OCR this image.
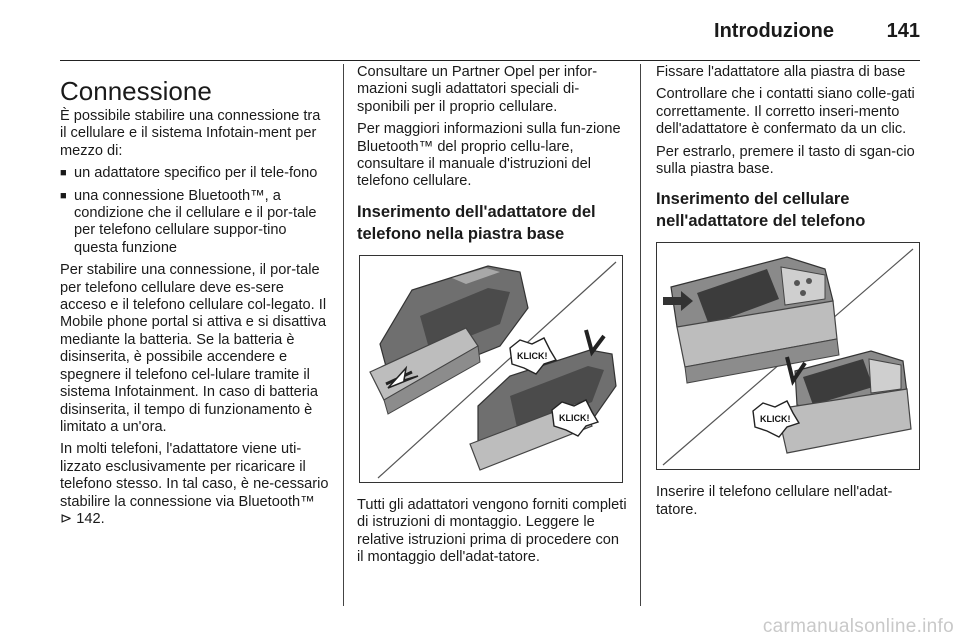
Introduzione	141
Connessione

È possibile stabilire una connessione tra il cellulare e il sistema Infotain-ment per mezzo di:

■ un adattatore specifico per il tele-fono
■ una connessione Bluetooth™, a condizione che il cellulare e il por-tale per telefono cellulare suppor-tino questa funzione

Per stabilire una connessione, il por-tale per telefono cellulare deve es-sere acceso e il telefono cellulare col-legato. Il Mobile phone portal si attiva e si disattiva mediante la batteria. Se la batteria è disinserita, è possibile accendere e spegnere il telefono cel-lulare tramite il sistema Infotainment. In caso di batteria disinserita, il tempo di funzionamento è limitato a un'ora.

In molti telefoni, l'adattatore viene uti-lizzato esclusivamente per ricaricare il telefono stesso. In tal caso, è ne-cessario stabilire la connessione via Bluetooth™ ⊳ 142.

Consultare un Partner Opel per infor-mazioni sugli adattatori speciali di-sponibili per il proprio cellulare.

Per maggiori informazioni sulla fun-zione Bluetooth™ del proprio cellu-lare, consultare il manuale d'istruzioni del telefono cellulare.

Inserimento dell'adattatore del telefono nella piastra base
KLICK!
KLICK!

Tutti gli adattatori vengono forniti completi di istruzioni di montaggio. Leggere le relative istruzioni prima di procedere con il montaggio dell'adat-tatore.

Fissare l'adattatore alla piastra di base

Controllare che i contatti siano colle-gati correttamente. Il corretto inseri-mento dell'adattatore è confermato da un clic.

Per estrarlo, premere il tasto di sgan-cio sulla piastra base.

Inserimento del cellulare nell'adattatore del telefono
KLICK!

Inserire il telefono cellulare nell'adat-tatore.

carmanualsonline.info
